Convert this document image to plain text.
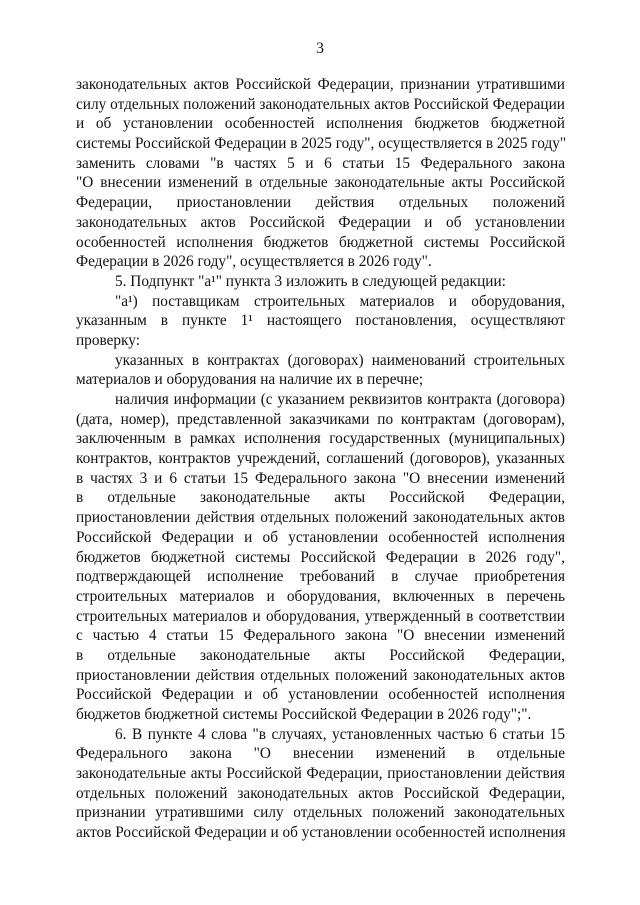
3
законодательных актов Российской Федерации, признании утратившими
силу отдельных положений законодательных актов Российской Федерации
и об установлении особенностей исполнения бюджетов бюджетной
системы Российской Федерации в 2025 году", осуществляется в 2025 году"
заменить словами "в частях 5 и 6 статьи 15 Федерального закона
"О внесении изменений в отдельные законодательные акты Российской
Федерации, приостановлении действия отдельных положений
законодательных актов Российской Федерации и об установлении
особенностей исполнения бюджетов бюджетной системы Российской
Федерации в 2026 году", осуществляется в 2026 году".
5. Подпункт "а¹" пункта 3 изложить в следующей редакции:
"а¹) поставщикам строительных материалов и оборудования,
указанным в пункте 1¹ настоящего постановления, осуществляют
проверку:
указанных в контрактах (договорах) наименований строительных
материалов и оборудования на наличие их в перечне;
наличия информации (с указанием реквизитов контракта (договора)
(дата, номер), представленной заказчиками по контрактам (договорам),
заключенным в рамках исполнения государственных (муниципальных)
контрактов, контрактов учреждений, соглашений (договоров), указанных
в частях 3 и 6 статьи 15 Федерального закона "О внесении изменений
в отдельные законодательные акты Российской Федерации,
приостановлении действия отдельных положений законодательных актов
Российской Федерации и об установлении особенностей исполнения
бюджетов бюджетной системы Российской Федерации в 2026 году",
подтверждающей исполнение требований в случае приобретения
строительных материалов и оборудования, включенных в перечень
строительных материалов и оборудования, утвержденный в соответствии
с частью 4 статьи 15 Федерального закона "О внесении изменений
в отдельные законодательные акты Российской Федерации,
приостановлении действия отдельных положений законодательных актов
Российской Федерации и об установлении особенностей исполнения
бюджетов бюджетной системы Российской Федерации в 2026 году";".
6. В пункте 4 слова "в случаях, установленных частью 6 статьи 15
Федерального закона "О внесении изменений в отдельные
законодательные акты Российской Федерации, приостановлении действия
отдельных положений законодательных актов Российской Федерации,
признании утратившими силу отдельных положений законодательных
актов Российской Федерации и об установлении особенностей исполнения
